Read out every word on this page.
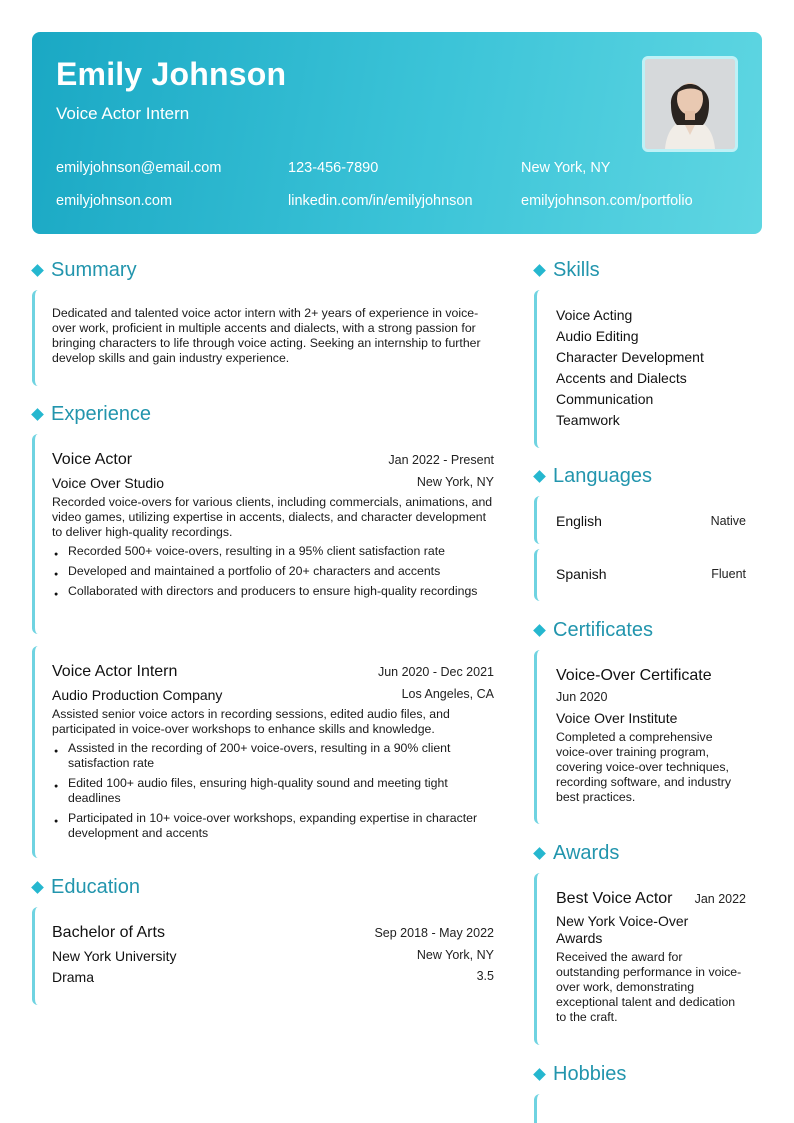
Emily Johnson
Voice Actor Intern
emilyjohnson@email.com	123-456-7890	New York, NY
emilyjohnson.com	linkedin.com/in/emilyjohnson	emilyjohnson.com/portfolio
Summary
Dedicated and talented voice actor intern with 2+ years of experience in voice-over work, proficient in multiple accents and dialects, with a strong passion for bringing characters to life through voice acting. Seeking an internship to further develop skills and gain industry experience.
Experience
Voice Actor	Jan 2022 - Present
Voice Over Studio	New York, NY
Recorded voice-overs for various clients, including commercials, animations, and video games, utilizing expertise in accents, dialects, and character development to deliver high-quality recordings.
● Recorded 500+ voice-overs, resulting in a 95% client satisfaction rate
● Developed and maintained a portfolio of 20+ characters and accents
● Collaborated with directors and producers to ensure high-quality recordings
Voice Actor Intern	Jun 2020 - Dec 2021
Audio Production Company	Los Angeles, CA
Assisted senior voice actors in recording sessions, edited audio files, and participated in voice-over workshops to enhance skills and knowledge.
● Assisted in the recording of 200+ voice-overs, resulting in a 90% client satisfaction rate
● Edited 100+ audio files, ensuring high-quality sound and meeting tight deadlines
● Participated in 10+ voice-over workshops, expanding expertise in character development and accents
Education
Bachelor of Arts	Sep 2018 - May 2022
New York University	New York, NY
Drama	3.5
Skills
Voice Acting
Audio Editing
Character Development
Accents and Dialects
Communication
Teamwork
Languages
English	Native
Spanish	Fluent
Certificates
Voice-Over Certificate
Jun 2020
Voice Over Institute
Completed a comprehensive voice-over training program, covering voice-over techniques, recording software, and industry best practices.
Awards
Best Voice Actor Jan 2022
New York Voice-Over Awards
Received the award for outstanding performance in voice-over work, demonstrating exceptional talent and dedication to the craft.
Hobbies
